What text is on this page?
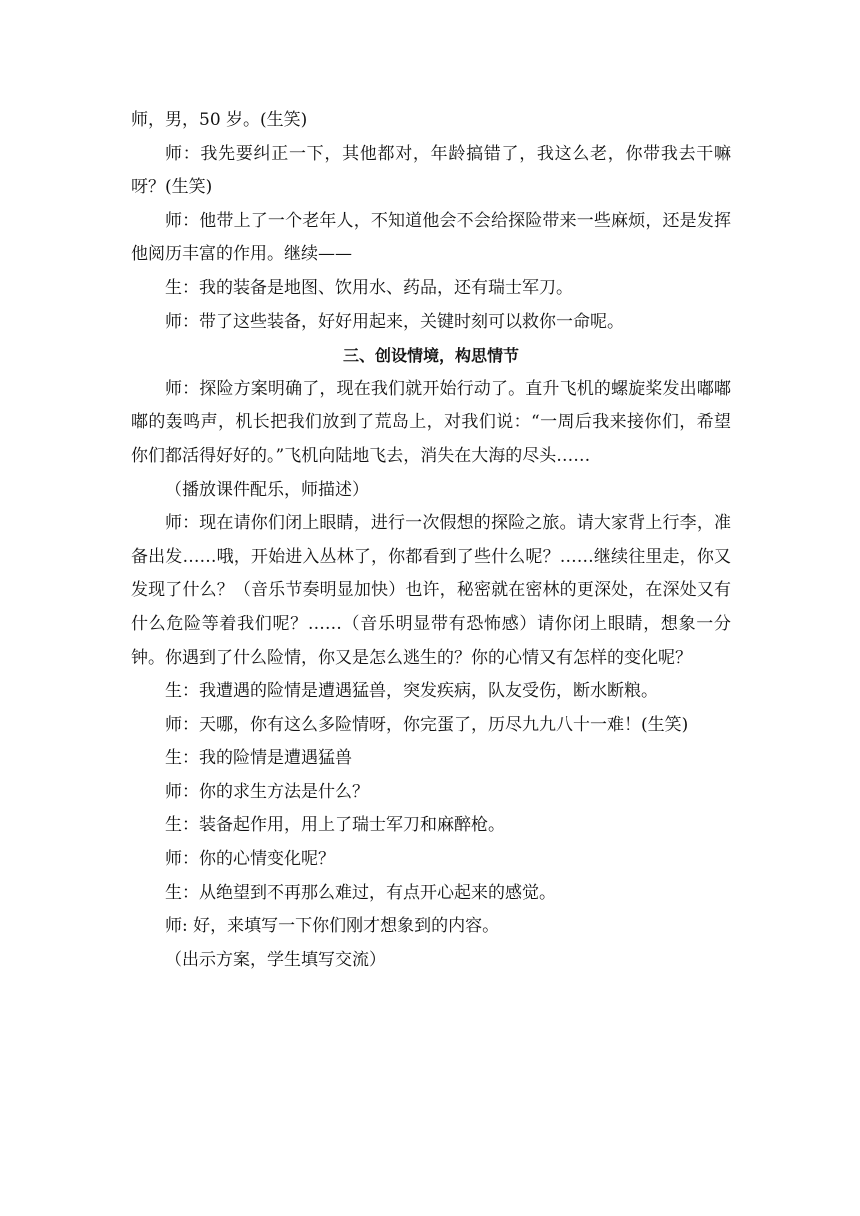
师，男，50 岁。(生笑)

师：我先要纠正一下，其他都对，年龄搞错了，我这么老，你带我去干嘛呀？(生笑)

师：他带上了一个老年人，不知道他会不会给探险带来一些麻烦，还是发挥他阅历丰富的作用。继续——

生：我的装备是地图、饮用水、药品，还有瑞士军刀。

师：带了这些装备，好好用起来，关键时刻可以救你一命呢。

三、创设情境，构思情节

师：探险方案明确了，现在我们就开始行动了。直升飞机的螺旋桨发出嘟嘟嘟的轰鸣声，机长把我们放到了荒岛上，对我们说：“一周后我来接你们，希望你们都活得好好的。”飞机向陆地飞去，消失在大海的尽头……

（播放课件配乐，师描述）

师：现在请你们闭上眼睛，进行一次假想的探险之旅。请大家背上行李，准备出发……哦，开始进入丛林了，你都看到了些什么呢？……继续往里走，你又发现了什么？（音乐节奏明显加快）也许，秘密就在密林的更深处，在深处又有什么危险等着我们呢？……（音乐明显带有恐怖感）请你闭上眼睛，想象一分钟。你遇到了什么险情，你又是怎么逃生的？你的心情又有怎样的变化呢？

生：我遭遇的险情是遭遇猛兽，突发疾病，队友受伤，断水断粮。

师：天哪，你有这么多险情呀，你完蛋了，历尽九九八十一难！(生笑)

生：我的险情是遭遇猛兽

师：你的求生方法是什么？

生：装备起作用，用上了瑞士军刀和麻醉枪。

师：你的心情变化呢？

生：从绝望到不再那么难过，有点开心起来的感觉。

师: 好，来填写一下你们刚才想象到的内容。

（出示方案，学生填写交流）
